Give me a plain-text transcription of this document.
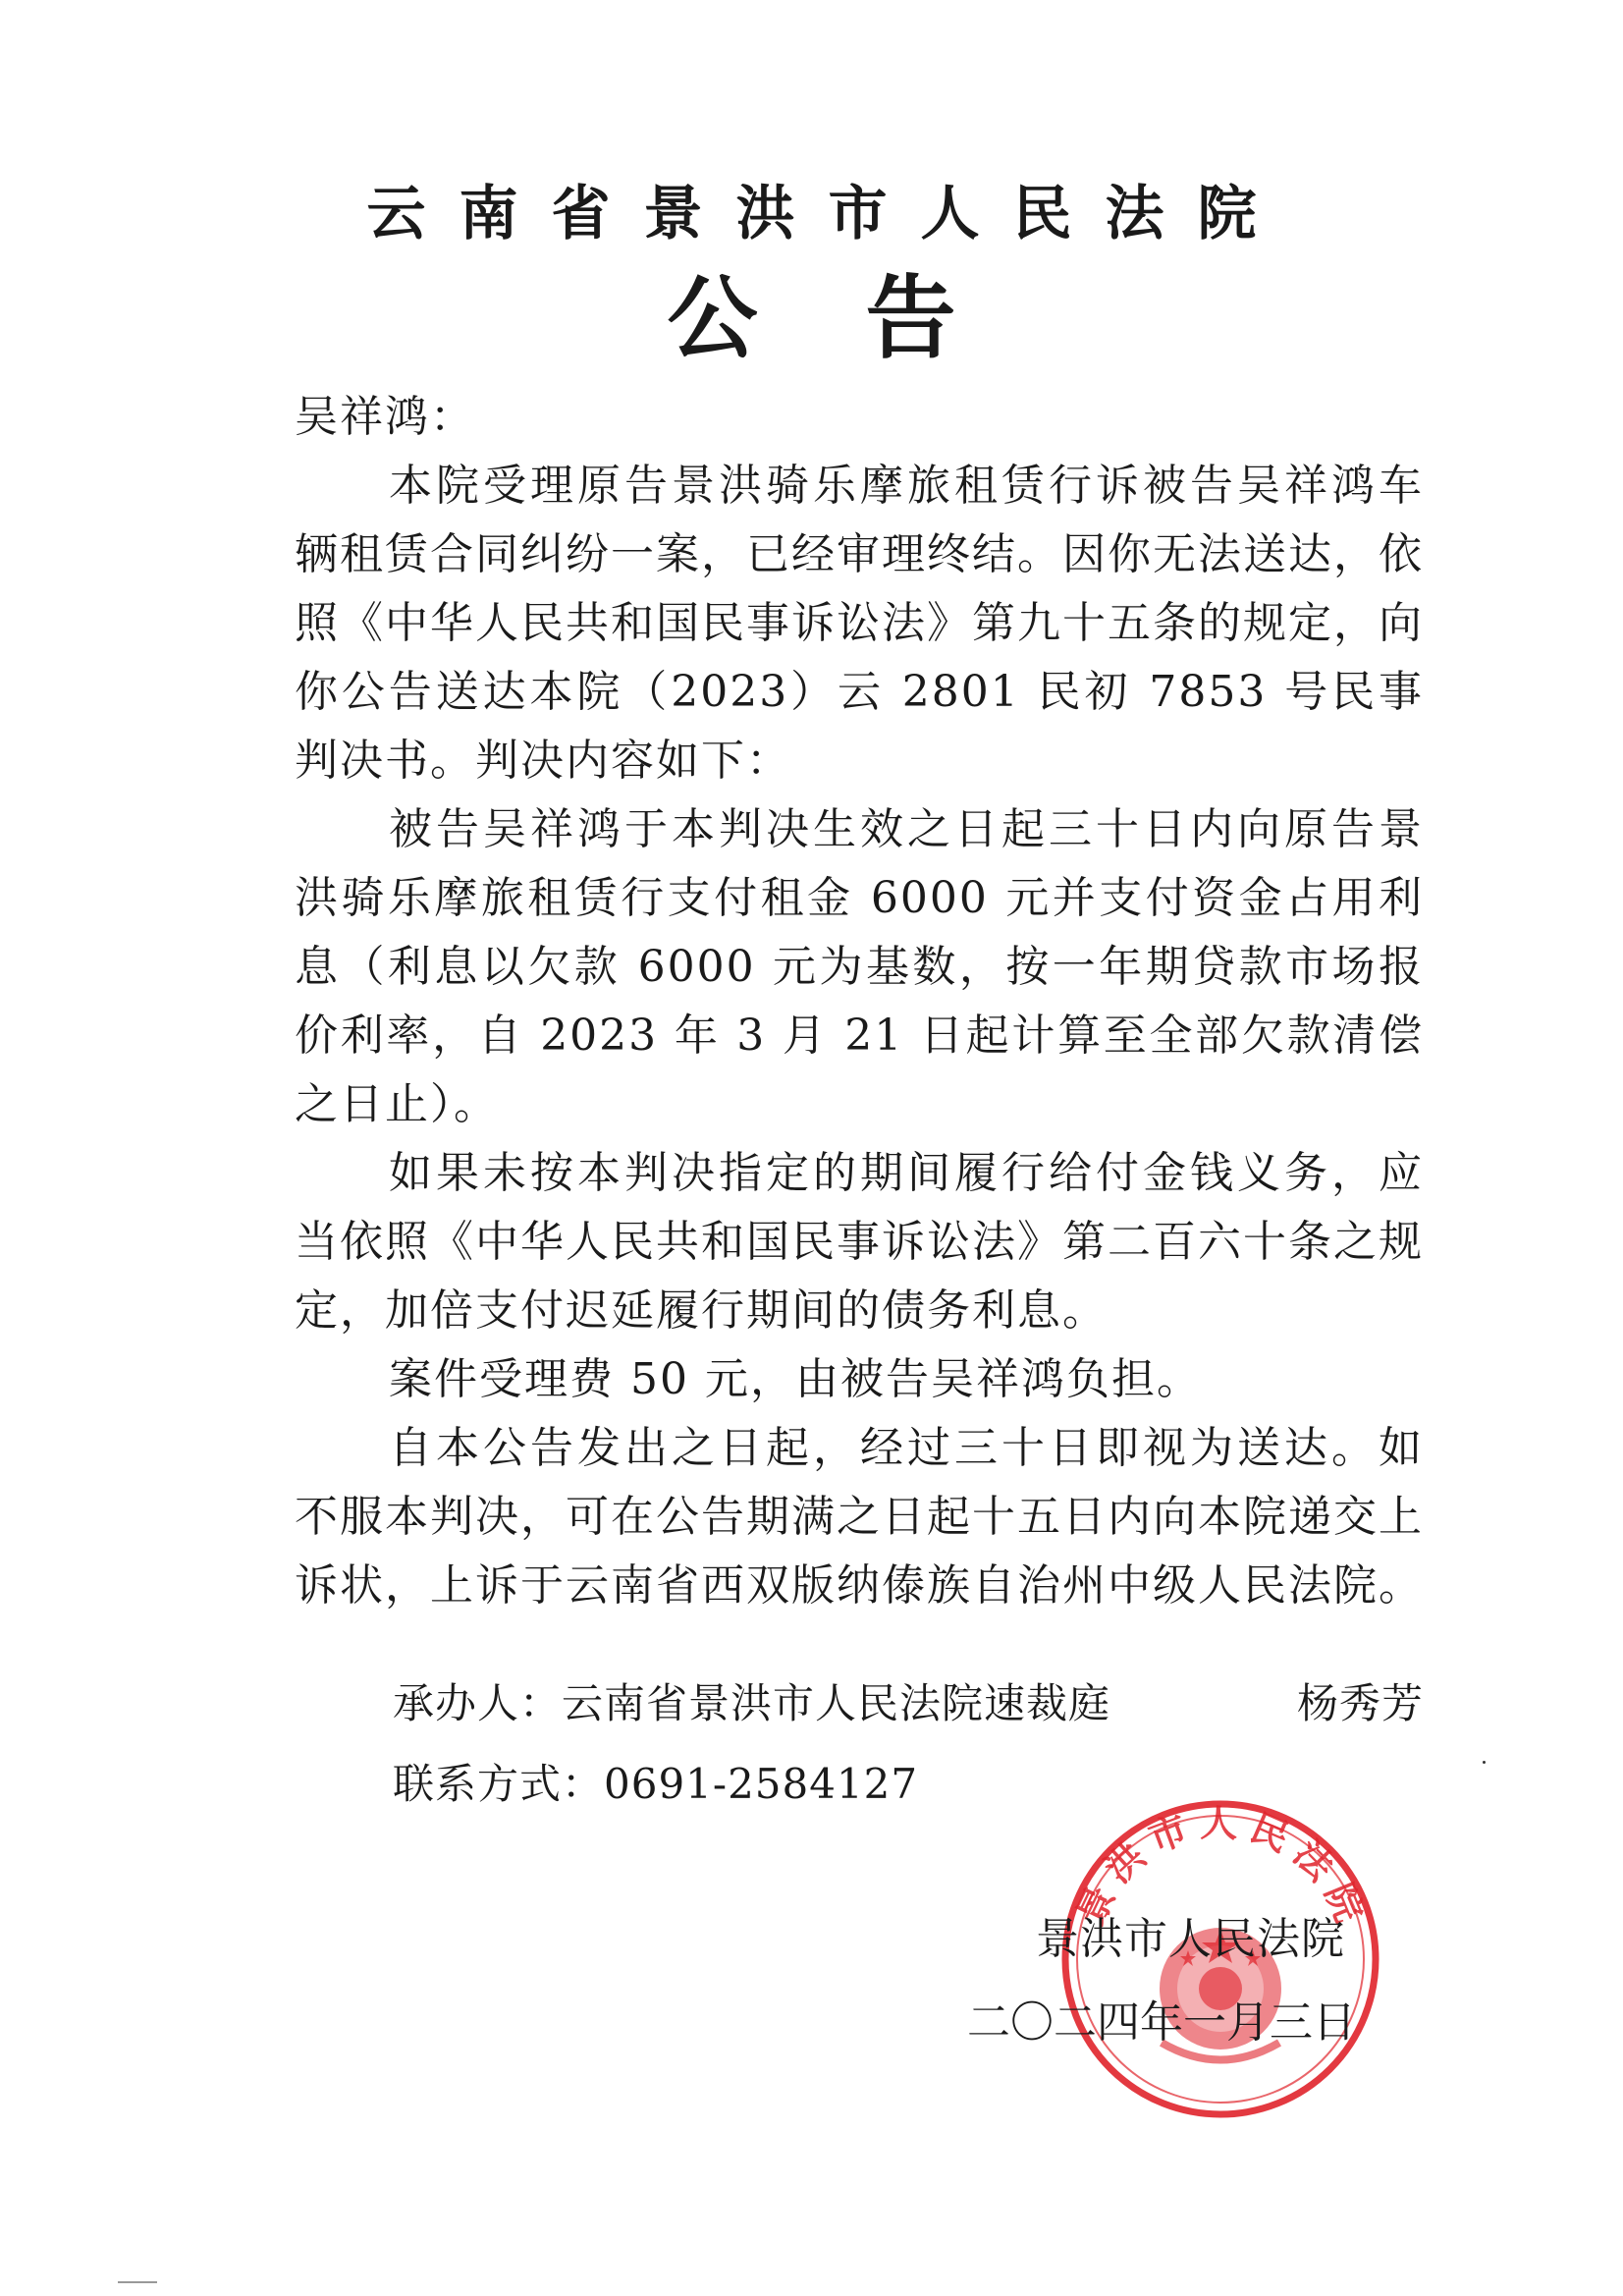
云南省景洪市人民法院
公告

吴祥鸿：

本院受理原告景洪骑乐摩旅租赁行诉被告吴祥鸿车辆租赁合同纠纷一案，已经审理终结。因你无法送达，依照《中华人民共和国民事诉讼法》第九十五条的规定，向你公告送达本院（2023）云 2801 民初 7853 号民事判决书。判决内容如下：

被告吴祥鸿于本判决生效之日起三十日内向原告景洪骑乐摩旅租赁行支付租金 6000 元并支付资金占用利息（利息以欠款 6000 元为基数，按一年期贷款市场报价利率，自 2023 年 3 月 21 日起计算至全部欠款清偿之日止）。

如果未按本判决指定的期间履行给付金钱义务，应当依照《中华人民共和国民事诉讼法》第二百六十条之规定，加倍支付迟延履行期间的债务利息。

案件受理费 50 元，由被告吴祥鸿负担。

自本公告发出之日起，经过三十日即视为送达。如不服本判决，可在公告期满之日起十五日内向本院递交上诉状，上诉于云南省西双版纳傣族自治州中级人民法院。

承办人：云南省景洪市人民法院速裁庭	杨秀芳
联系方式：0691-2584127
景洪市人民法院
景洪市人民法院
二〇二四年一月三日
